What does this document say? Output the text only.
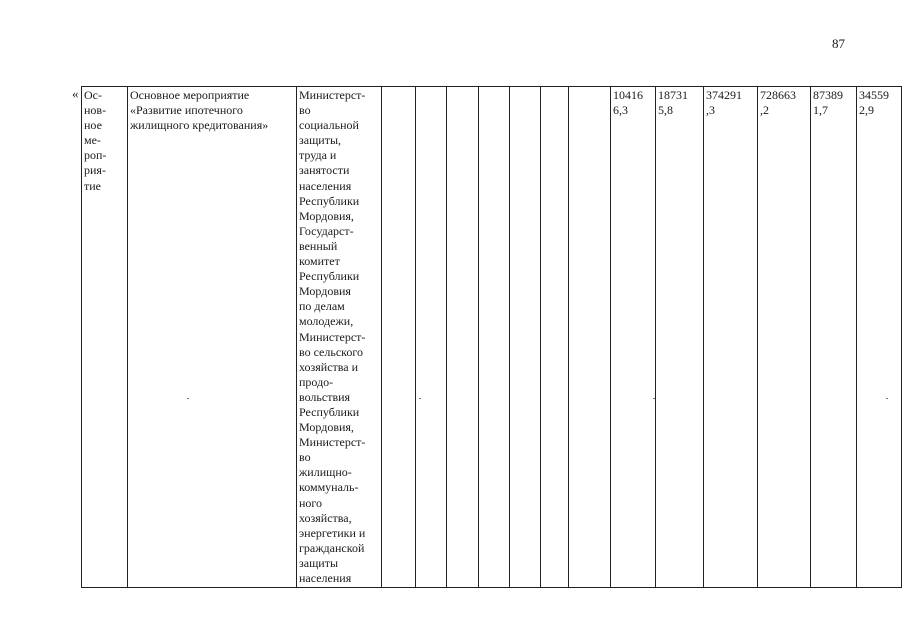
87
« Ос-
нов-
ное
ме-
роп-
рия-
тие	Основное мероприятие
«Развитие ипотечного
жилищного кредитования»	Министерст-
во
социальной
защиты,
труда и
занятости
населения
Республики
Мордовия,
Государст-
венный
комитет
Республики
Мордовия
по делам
молодежи,
Министерст-
во сельского
хозяйства и
продо-
вольствия
Республики
Мордовия,
Министерст-
во
жилищно-
коммуналь-
ного
хозяйства,
энергетики и
гражданской
защиты
населения								10416
6,3	18731
5,8	374291
,3	728663
,2	87389
1,7	34559
2,9
